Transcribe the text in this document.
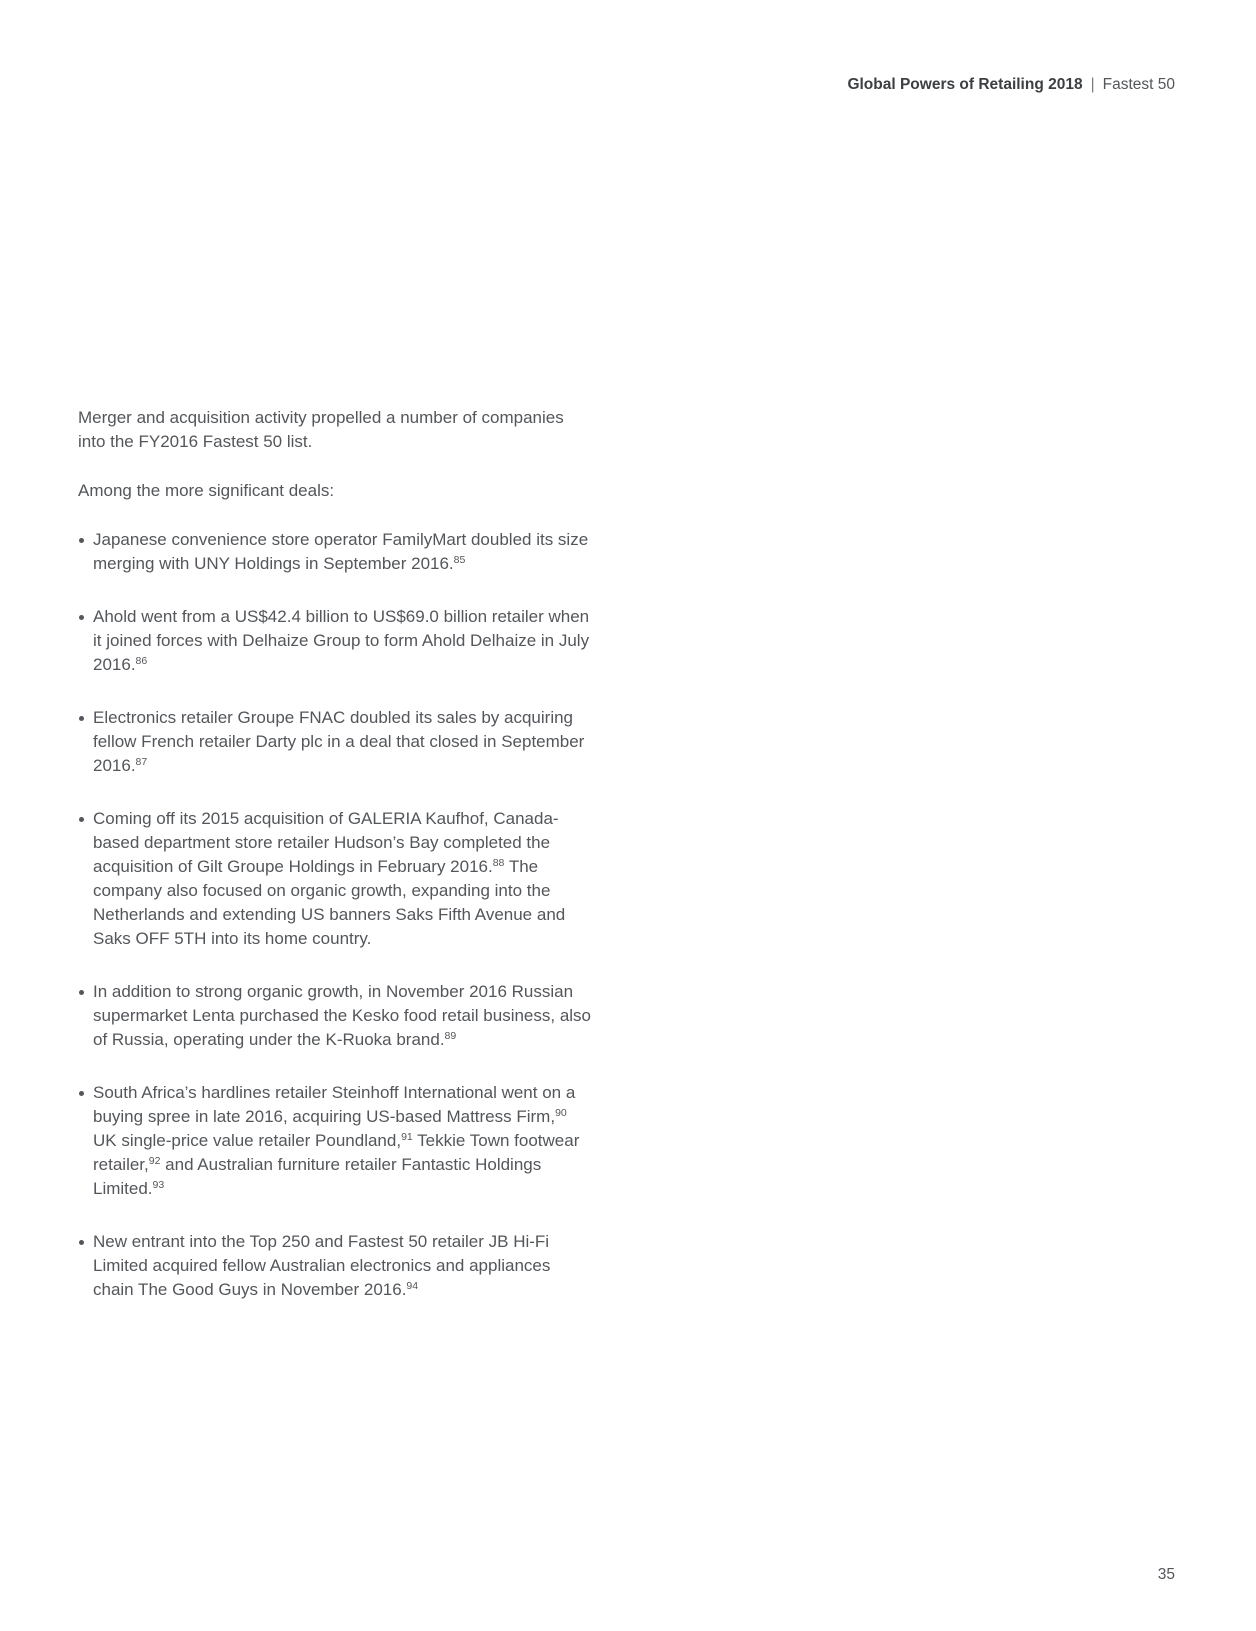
Global Powers of Retailing 2018 | Fastest 50

Merger and acquisition activity propelled a number of companies into the FY2016 Fastest 50 list.

Among the more significant deals:

Japanese convenience store operator FamilyMart doubled its size merging with UNY Holdings in September 2016.85
Ahold went from a US$42.4 billion to US$69.0 billion retailer when it joined forces with Delhaize Group to form Ahold Delhaize in July 2016.86
Electronics retailer Groupe FNAC doubled its sales by acquiring fellow French retailer Darty plc in a deal that closed in September 2016.87
Coming off its 2015 acquisition of GALERIA Kaufhof, Canada-based department store retailer Hudson’s Bay completed the acquisition of Gilt Groupe Holdings in February 2016.88 The company also focused on organic growth, expanding into the Netherlands and extending US banners Saks Fifth Avenue and Saks OFF 5TH into its home country.
In addition to strong organic growth, in November 2016 Russian supermarket Lenta purchased the Kesko food retail business, also of Russia, operating under the K-Ruoka brand.$^{89}$
South Africa’s hardlines retailer Steinhoff International went on a buying spree in late 2016, acquiring US-based Mattress Firm,$^{90}$ UK single-price value retailer Poundland,$^{91}$ Tekkie Town footwear retailer,$^{92}$ and Australian furniture retailer Fantastic Holdings Limited.$^{93}$
New entrant into the Top 250 and Fastest 50 retailer JB Hi-Fi Limited acquired fellow Australian electronics and appliances chain The Good Guys in November 2016.94
35
